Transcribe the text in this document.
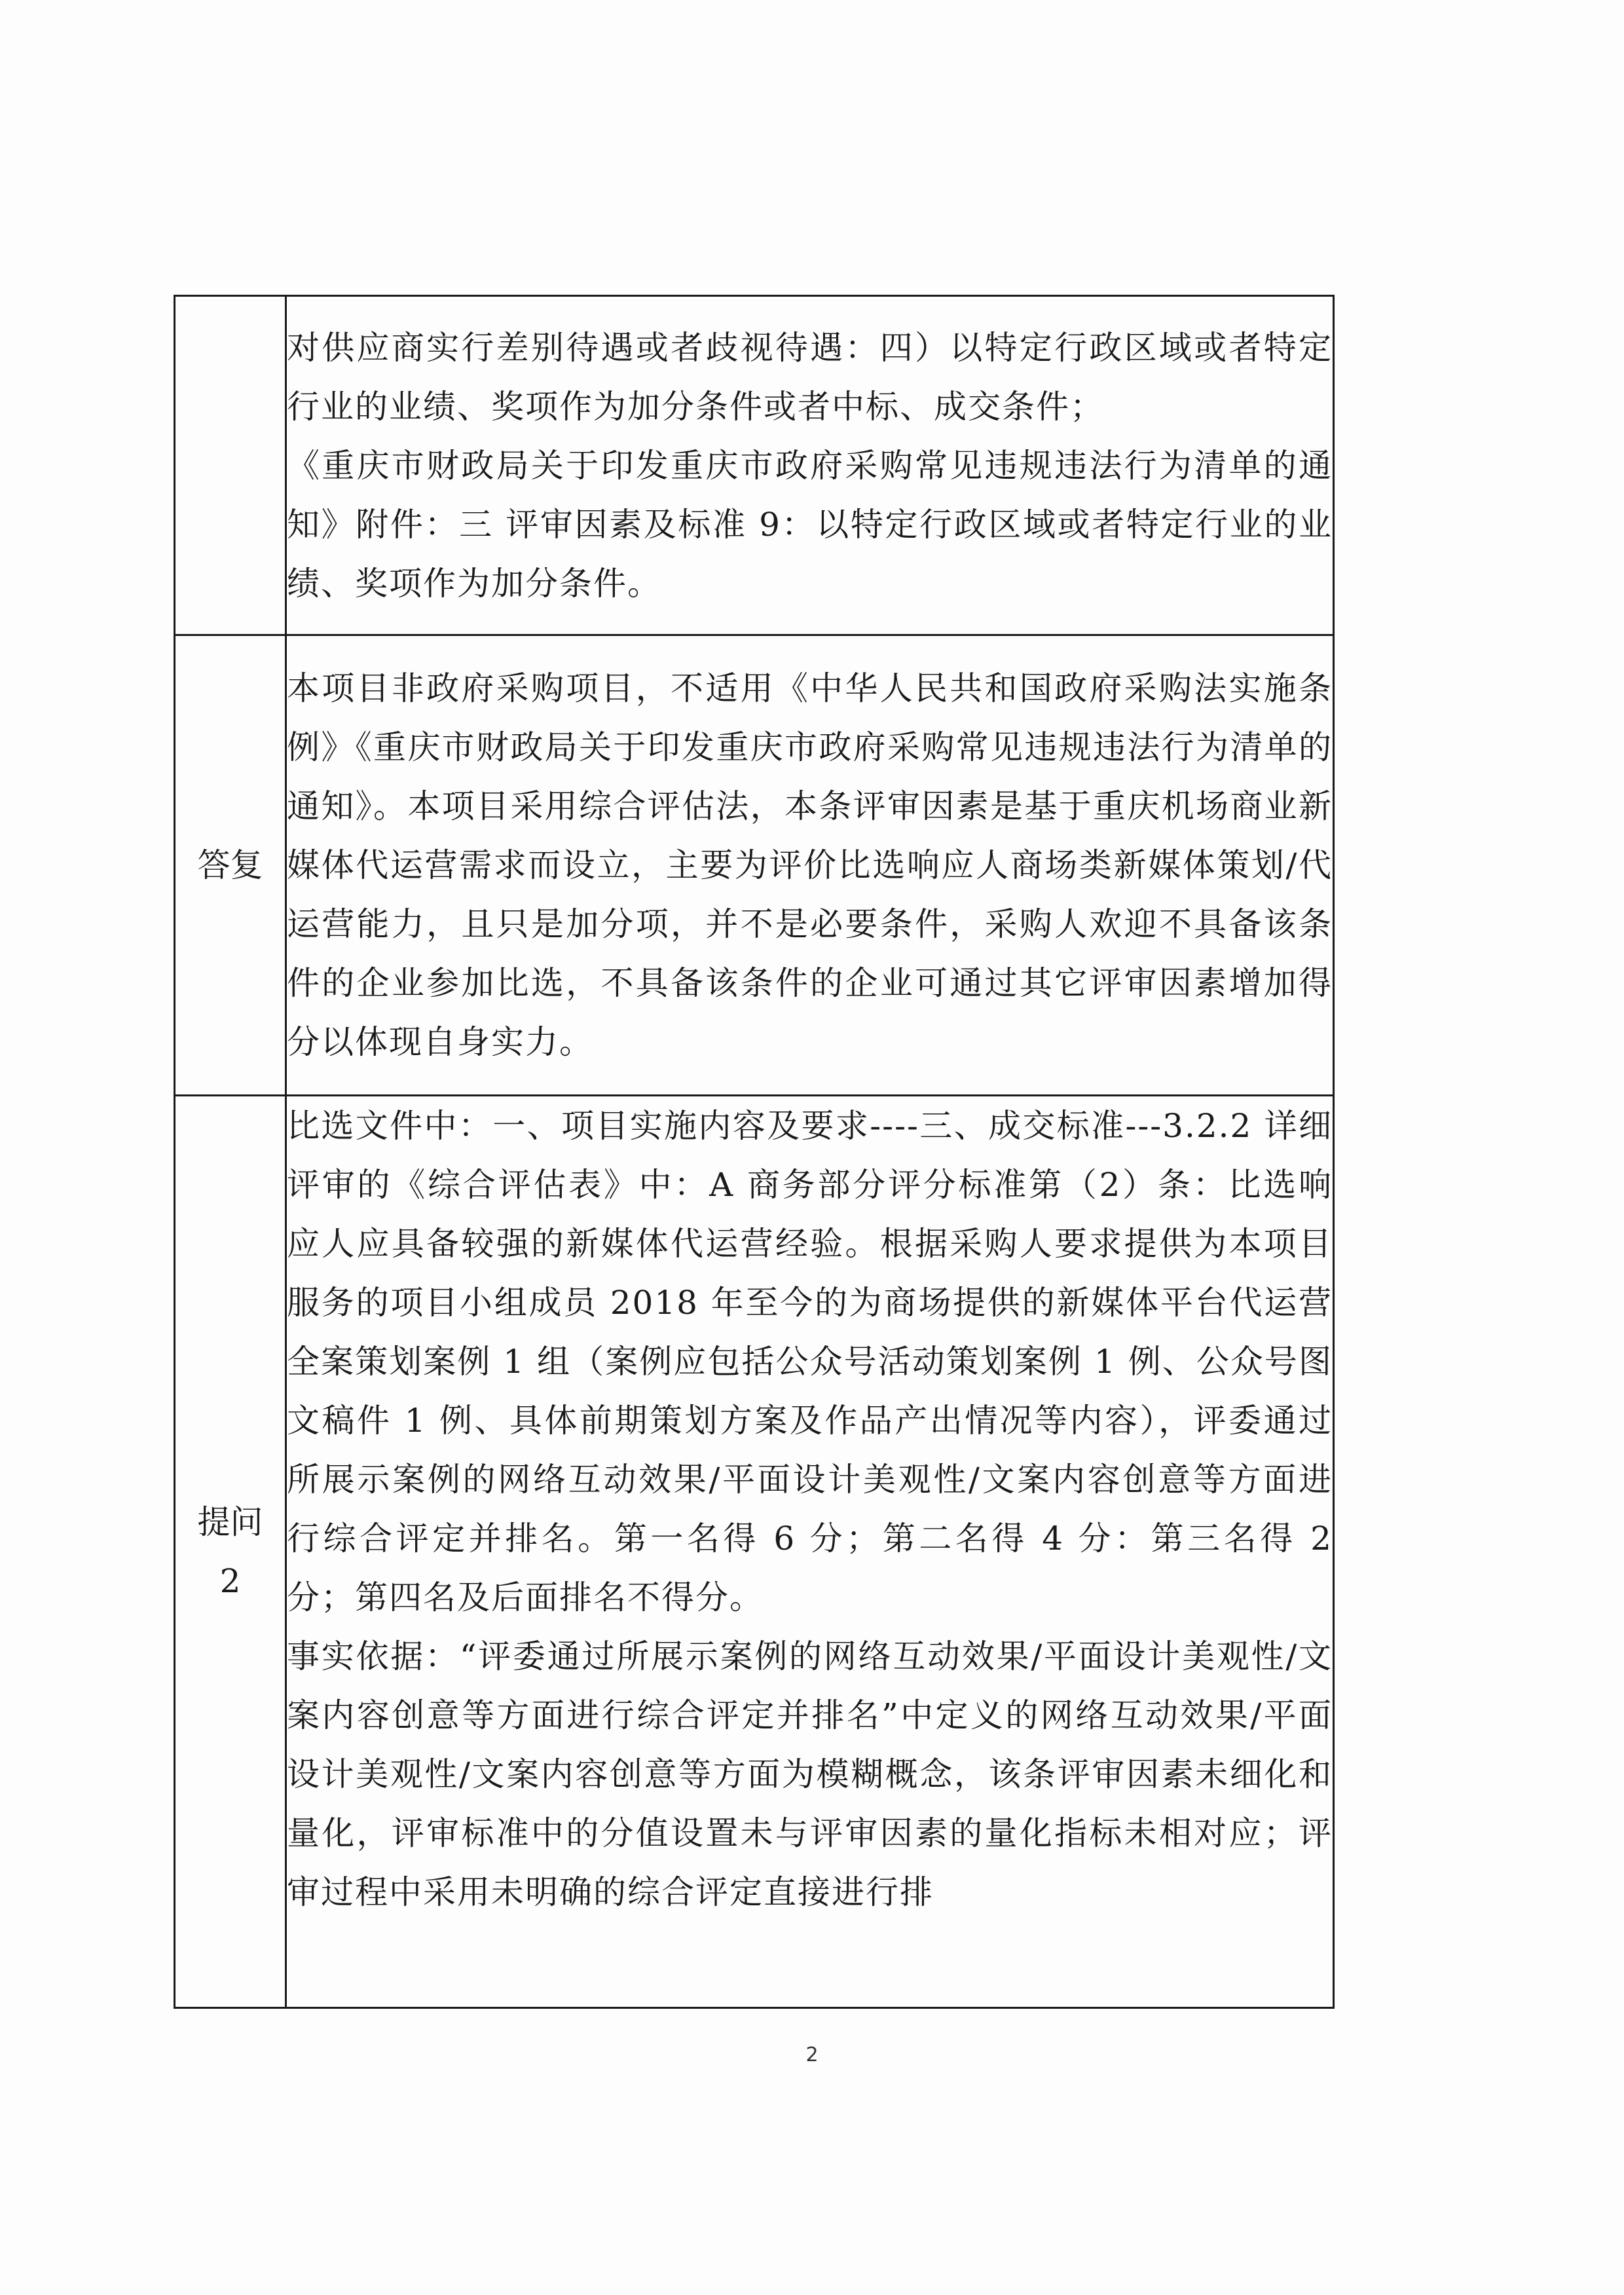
	对供应商实行差别待遇或者歧视待遇：四）以特定行政区域或者特定行业的业绩、奖项作为加分条件或者中标、成交条件；

《重庆市财政局关于印发重庆市政府采购常见违规违法行为清单的通知》附件：三 评审因素及标准 9：以特定行政区域或者特定行业的业绩、奖项作为加分条件。

答复	本项目非政府采购项目，不适用《中华人民共和国政府采购法实施条例》《重庆市财政局关于印发重庆市政府采购常见违规违法行为清单的通知》。本项目采用综合评估法，本条评审因素是基于重庆机场商业新媒体代运营需求而设立，主要为评价比选响应人商场类新媒体策划/代运营能力，且只是加分项，并不是必要条件，采购人欢迎不具备该条件的企业参加比选，不具备该条件的企业可通过其它评审因素增加得分以体现自身实力。

提问 2	比选文件中：一、项目实施内容及要求----三、成交标准---3.2.2 详细评审的《综合评估表》中：A 商务部分评分标准第（2）条：比选响应人应具备较强的新媒体代运营经验。根据采购人要求提供为本项目服务的项目小组成员 2018 年至今的为商场提供的新媒体平台代运营全案策划案例 1 组（案例应包括公众号活动策划案例 1 例、公众号图文稿件 1 例、具体前期策划方案及作品产出情况等内容），评委通过所展示案例的网络互动效果/平面设计美观性/文案内容创意等方面进行综合评定并排名。第一名得 6 分；第二名得 4 分：第三名得 2 分；第四名及后面排名不得分。

事实依据：“评委通过所展示案例的网络互动效果/平面设计美观性/文案内容创意等方面进行综合评定并排名”中定义的网络互动效果/平面设计美观性/文案内容创意等方面为模糊概念，该条评审因素未细化和量化，评审标准中的分值设置未与评审因素的量化指标未相对应；评审过程中采用未明确的综合评定直接进行排

2
